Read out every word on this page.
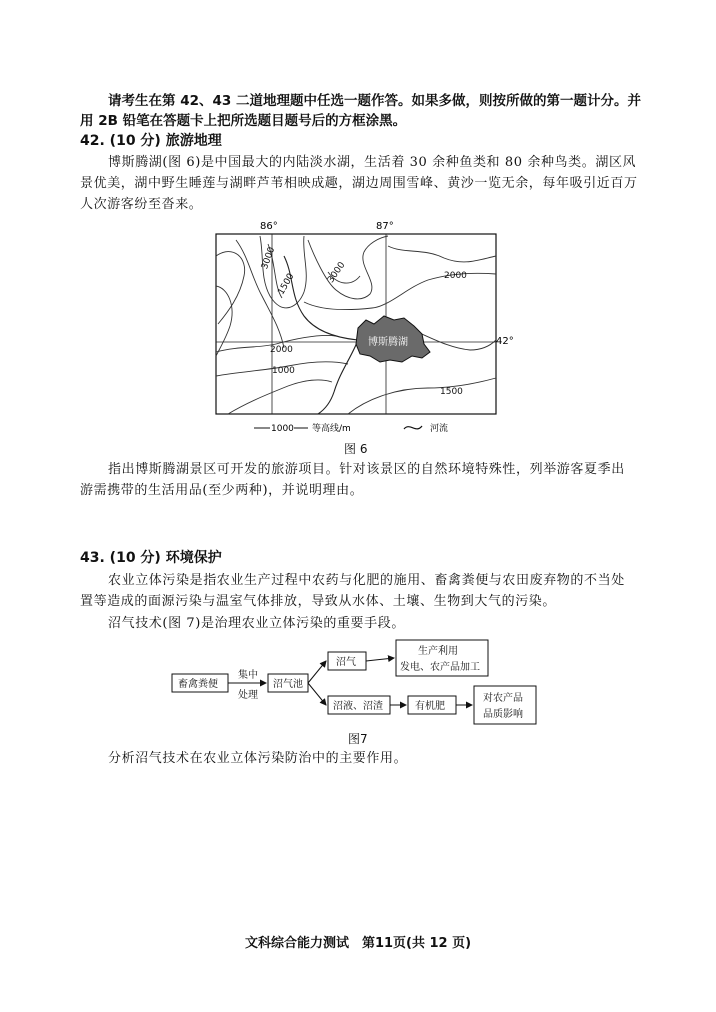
请考生在第 42、43 二道地理题中任选一题作答。如果多做，则按所做的第一题计分。并
用 2B 铅笔在答题卡上把所选题目题号后的方框涂黑。
42. (10 分) 旅游地理
博斯腾湖(图 6)是中国最大的内陆淡水湖，生活着 30 余种鱼类和 80 余种鸟类。湖区风
景优美，湖中野生睡莲与湖畔芦苇相映成趣，湖边周围雪峰、黄沙一览无余，每年吸引近百万
人次游客纷至沓来。
86°	87°
42°
博斯腾湖
3000
3000	2000
1500
2000
1000
1500
1000 等高线/m	河流
图 6
指出博斯腾湖景区可开发的旅游项目。针对该景区的自然环境特殊性，列举游客夏季出
游需携带的生活用品(至少两种)，并说明理由。
43. (10 分) 环境保护
农业立体污染是指农业生产过程中农药与化肥的施用、畜禽粪便与农田废弃物的不当处
置等造成的面源污染与温室气体排放，导致从水体、土壤、生物到大气的污染。
沼气技术(图 7)是治理农业立体污染的重要手段。
畜禽粪便
集中
处理
沼气池
沼气
生产利用
发电、农产品加工
沼液、沼渣	有机肥
对农产品
品质影响
图7
分析沼气技术在农业立体污染防治中的主要作用。
文科综合能力测试　第11页(共 12 页)
